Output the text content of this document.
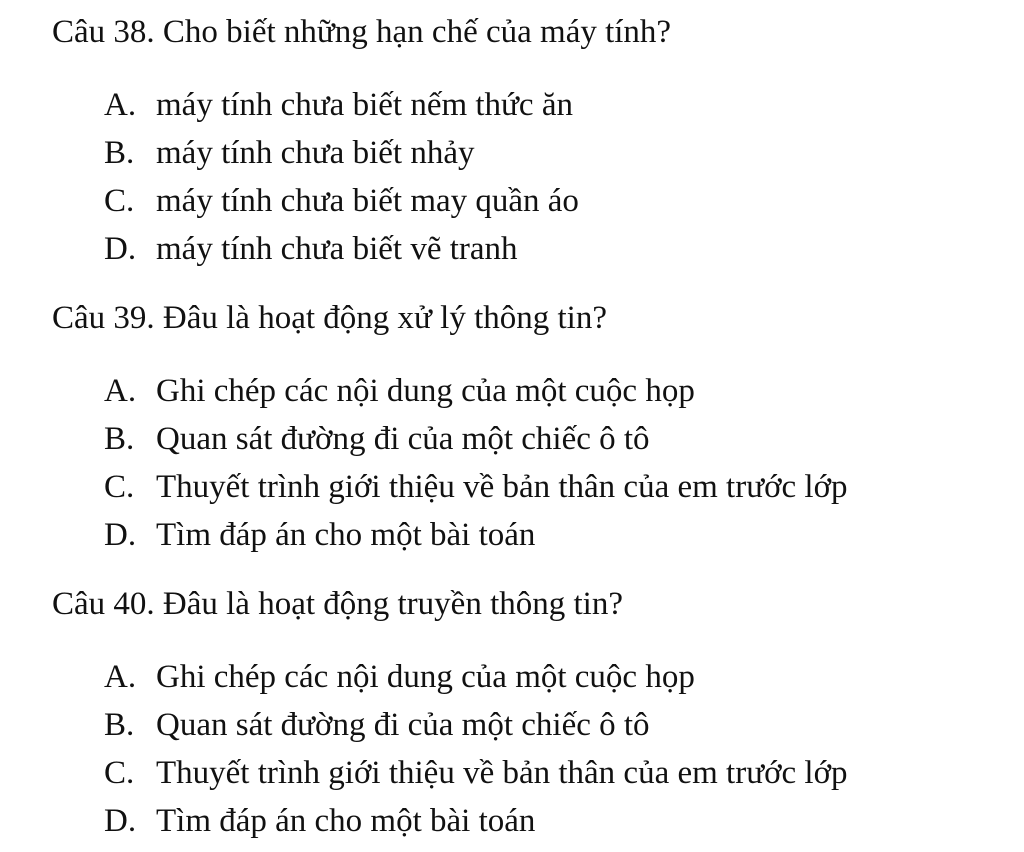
Câu 38. Cho biết những hạn chế của máy tính?
A. máy tính chưa biết nếm thức ăn
B. máy tính chưa biết nhảy
C. máy tính chưa biết may quần áo
D. máy tính chưa biết vẽ tranh
Câu 39. Đâu là hoạt động xử lý thông tin?
A. Ghi chép các nội dung của một cuộc họp
B. Quan sát đường đi của một chiếc ô tô
C. Thuyết trình giới thiệu về bản thân của em trước lớp
D. Tìm đáp án cho một bài toán
Câu 40. Đâu là hoạt động truyền thông tin?
A. Ghi chép các nội dung của một cuộc họp
B. Quan sát đường đi của một chiếc ô tô
C. Thuyết trình giới thiệu về bản thân của em trước lớp
D. Tìm đáp án cho một bài toán
